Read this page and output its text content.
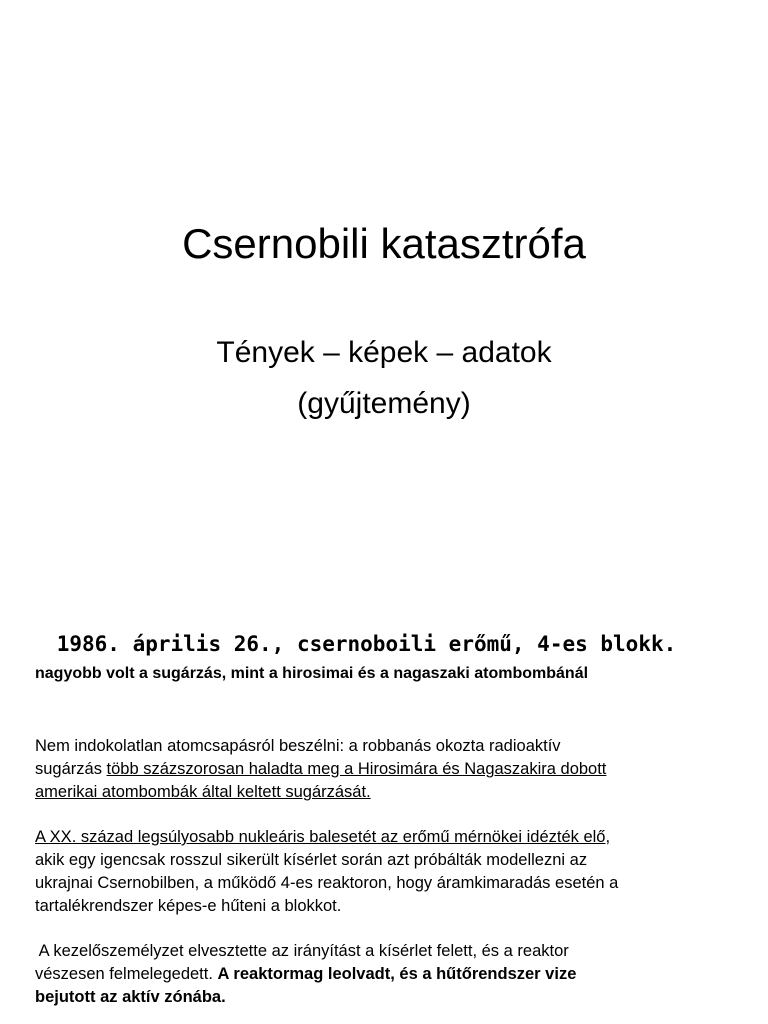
Csernobili katasztrófa

Tények – képek – adatok

(gyűjtemény)

1986. április 26., csernoboili erőmű, 4-es blokk.

nagyobb volt a sugárzás, mint a hirosimai és a nagaszaki atombombánál

Nem indokolatlan atomcsapásról beszélni: a robbanás okozta radioaktív
sugárzás több százszorosan haladta meg a Hirosimára és Nagaszakira dobott
amerikai atombombák által keltett sugárzását.
A XX. század legsúlyosabb nukleáris balesetét az erőmű mérnökei idézték elő,
akik egy igencsak rosszul sikerült kísérlet során azt próbálták modellezni az
ukrajnai Csernobilben, a működő 4-es reaktoron, hogy áramkimaradás esetén a
tartalékrendszer képes-e hűteni a blokkot.
A kezelőszemélyzet elvesztette az irányítást a kísérlet felett, és a reaktor
vészesen felmelegedett. A reaktormag leolvadt, és a hűtőrendszer vize
bejutott az aktív zónába.
